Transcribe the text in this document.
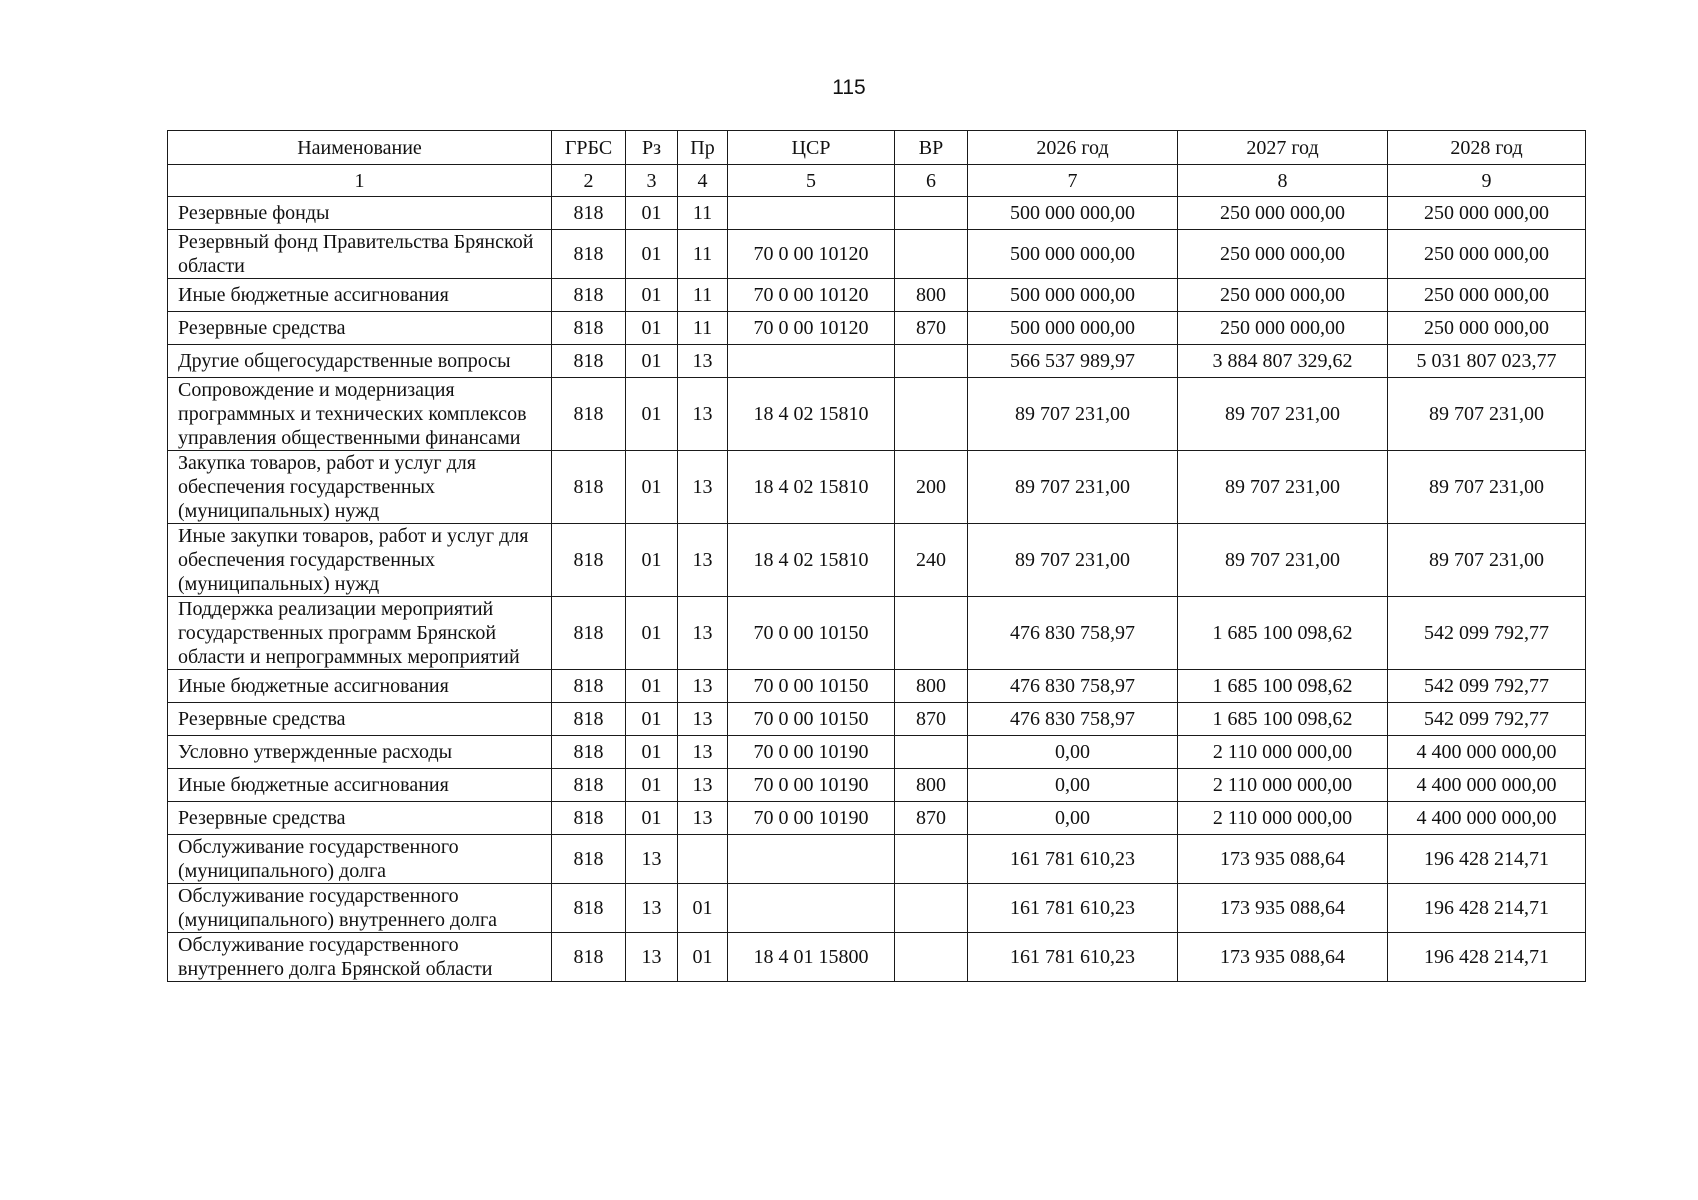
115
Наименование	ГРБС	Рз	Пр	ЦСР	ВР	2026 год	2027 год	2028 год
1	2	3	4	5	6	7	8	9
Резервные фонды	818	01	11			500 000 000,00	250 000 000,00	250 000 000,00
Резервный фонд Правительства Брянской области	818	01	11	70 0 00 10120		500 000 000,00	250 000 000,00	250 000 000,00
Иные бюджетные ассигнования	818	01	11	70 0 00 10120	800	500 000 000,00	250 000 000,00	250 000 000,00
Резервные средства	818	01	11	70 0 00 10120	870	500 000 000,00	250 000 000,00	250 000 000,00
Другие общегосударственные вопросы	818	01	13			566 537 989,97	3 884 807 329,62	5 031 807 023,77
Сопровождение и модернизация программных и технических комплексов управления общественными финансами	818	01	13	18 4 02 15810		89 707 231,00	89 707 231,00	89 707 231,00
Закупка товаров, работ и услуг для обеспечения государственных (муниципальных) нужд	818	01	13	18 4 02 15810	200	89 707 231,00	89 707 231,00	89 707 231,00
Иные закупки товаров, работ и услуг для обеспечения государственных (муниципальных) нужд	818	01	13	18 4 02 15810	240	89 707 231,00	89 707 231,00	89 707 231,00
Поддержка реализации мероприятий государственных программ Брянской области и непрограммных мероприятий	818	01	13	70 0 00 10150		476 830 758,97	1 685 100 098,62	542 099 792,77
Иные бюджетные ассигнования	818	01	13	70 0 00 10150	800	476 830 758,97	1 685 100 098,62	542 099 792,77
Резервные средства	818	01	13	70 0 00 10150	870	476 830 758,97	1 685 100 098,62	542 099 792,77
Условно утвержденные расходы	818	01	13	70 0 00 10190		0,00	2 110 000 000,00	4 400 000 000,00
Иные бюджетные ассигнования	818	01	13	70 0 00 10190	800	0,00	2 110 000 000,00	4 400 000 000,00
Резервные средства	818	01	13	70 0 00 10190	870	0,00	2 110 000 000,00	4 400 000 000,00
Обслуживание государственного (муниципального) долга	818	13				161 781 610,23	173 935 088,64	196 428 214,71
Обслуживание государственного (муниципального) внутреннего долга	818	13	01			161 781 610,23	173 935 088,64	196 428 214,71
Обслуживание государственного внутреннего долга Брянской области	818	13	01	18 4 01 15800		161 781 610,23	173 935 088,64	196 428 214,71
